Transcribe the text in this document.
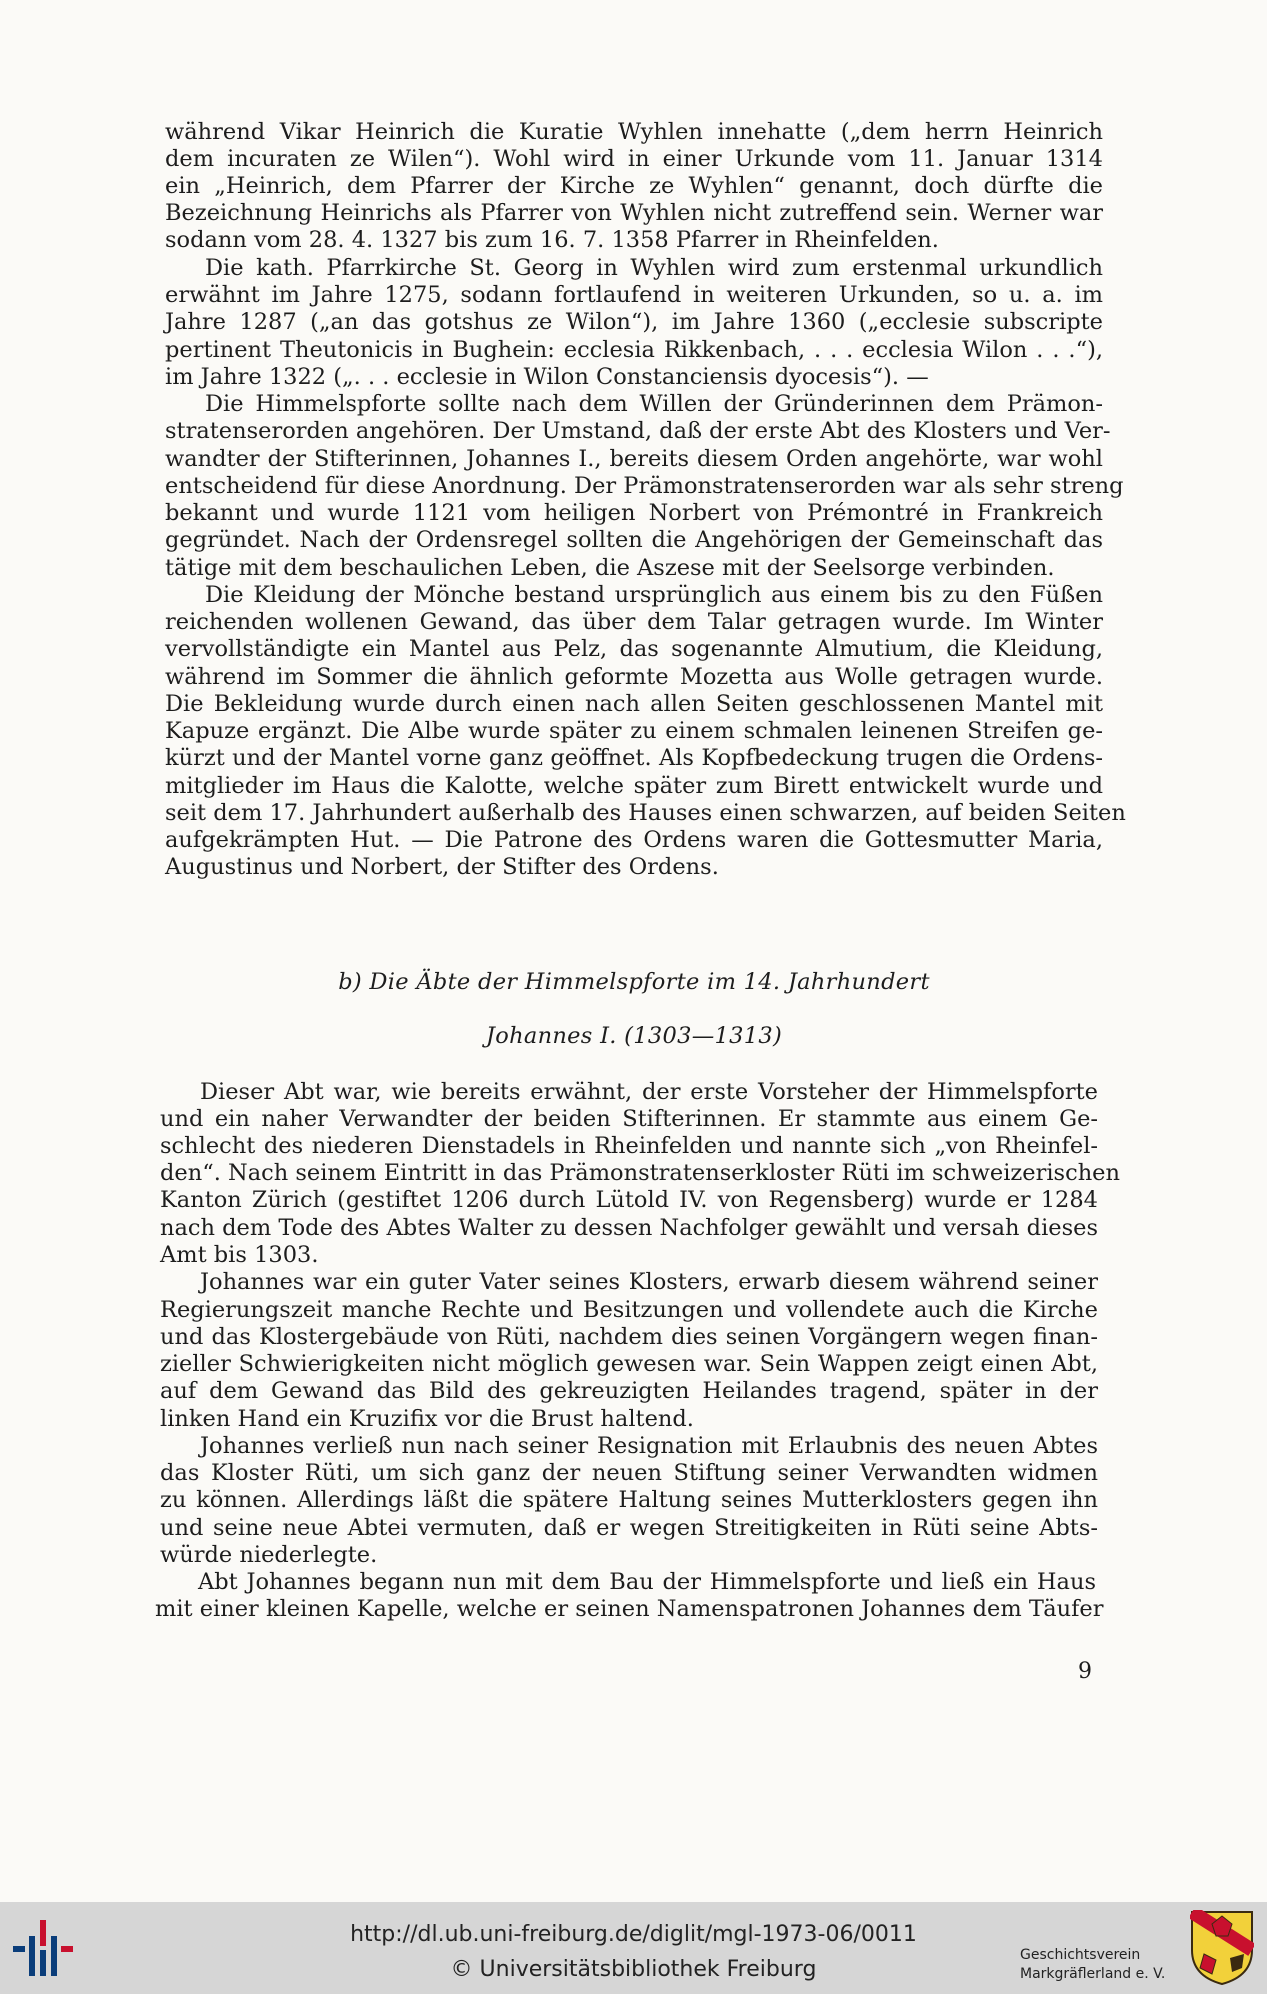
während Vikar Heinrich die Kuratie Wyhlen innehatte („dem herrn Heinrich
dem incuraten ze Wilen“). Wohl wird in einer Urkunde vom 11. Januar 1314
ein „Heinrich, dem Pfarrer der Kirche ze Wyhlen“ genannt, doch dürfte die
Bezeichnung Heinrichs als Pfarrer von Wyhlen nicht zutreffend sein. Werner war
sodann vom 28. 4. 1327 bis zum 16. 7. 1358 Pfarrer in Rheinfelden.
Die kath. Pfarrkirche St. Georg in Wyhlen wird zum erstenmal urkundlich
erwähnt im Jahre 1275, sodann fortlaufend in weiteren Urkunden, so u. a. im
Jahre 1287 („an das gotshus ze Wilon“), im Jahre 1360 („ecclesie subscripte
pertinent Theutonicis in Bughein: ecclesia Rikkenbach, . . . ecclesia Wilon . . .“),
im Jahre 1322 („. . . ecclesie in Wilon Constanciensis dyocesis“). —
Die Himmelspforte sollte nach dem Willen der Gründerinnen dem Prämon-
stratenserorden angehören. Der Umstand, daß der erste Abt des Klosters und Ver-
wandter der Stifterinnen, Johannes I., bereits diesem Orden angehörte, war wohl
entscheidend für diese Anordnung. Der Prämonstratenserorden war als sehr streng
bekannt und wurde 1121 vom heiligen Norbert von Prémontré in Frankreich
gegründet. Nach der Ordensregel sollten die Angehörigen der Gemeinschaft das
tätige mit dem beschaulichen Leben, die Aszese mit der Seelsorge verbinden.
Die Kleidung der Mönche bestand ursprünglich aus einem bis zu den Füßen
reichenden wollenen Gewand, das über dem Talar getragen wurde. Im Winter
vervollständigte ein Mantel aus Pelz, das sogenannte Almutium, die Kleidung,
während im Sommer die ähnlich geformte Mozetta aus Wolle getragen wurde.
Die Bekleidung wurde durch einen nach allen Seiten geschlossenen Mantel mit
Kapuze ergänzt. Die Albe wurde später zu einem schmalen leinenen Streifen ge-
kürzt und der Mantel vorne ganz geöffnet. Als Kopfbedeckung trugen die Ordens-
mitglieder im Haus die Kalotte, welche später zum Birett entwickelt wurde und
seit dem 17. Jahrhundert außerhalb des Hauses einen schwarzen, auf beiden Seiten
aufgekrämpten Hut. — Die Patrone des Ordens waren die Gottesmutter Maria,
Augustinus und Norbert, der Stifter des Ordens.
b) Die Äbte der Himmelspforte im 14. Jahrhundert
Johannes I. (1303—1313)
Dieser Abt war, wie bereits erwähnt, der erste Vorsteher der Himmelspforte
und ein naher Verwandter der beiden Stifterinnen. Er stammte aus einem Ge-
schlecht des niederen Dienstadels in Rheinfelden und nannte sich „von Rheinfel-
den“. Nach seinem Eintritt in das Prämonstratenserkloster Rüti im schweizerischen
Kanton Zürich (gestiftet 1206 durch Lütold IV. von Regensberg) wurde er 1284
nach dem Tode des Abtes Walter zu dessen Nachfolger gewählt und versah dieses
Amt bis 1303.
Johannes war ein guter Vater seines Klosters, erwarb diesem während seiner
Regierungszeit manche Rechte und Besitzungen und vollendete auch die Kirche
und das Klostergebäude von Rüti, nachdem dies seinen Vorgängern wegen finan-
zieller Schwierigkeiten nicht möglich gewesen war. Sein Wappen zeigt einen Abt,
auf dem Gewand das Bild des gekreuzigten Heilandes tragend, später in der
linken Hand ein Kruzifix vor die Brust haltend.
Johannes verließ nun nach seiner Resignation mit Erlaubnis des neuen Abtes
das Kloster Rüti, um sich ganz der neuen Stiftung seiner Verwandten widmen
zu können. Allerdings läßt die spätere Haltung seines Mutterklosters gegen ihn
und seine neue Abtei vermuten, daß er wegen Streitigkeiten in Rüti seine Abts-
würde niederlegte.
Abt Johannes begann nun mit dem Bau der Himmelspforte und ließ ein Haus
mit einer kleinen Kapelle, welche er seinen Namenspatronen Johannes dem Täufer
9
http://dl.ub.uni-freiburg.de/diglit/mgl-1973-06/0011
© Universitätsbibliothek Freiburg
Geschichtsverein
Markgräflerland e. V.
